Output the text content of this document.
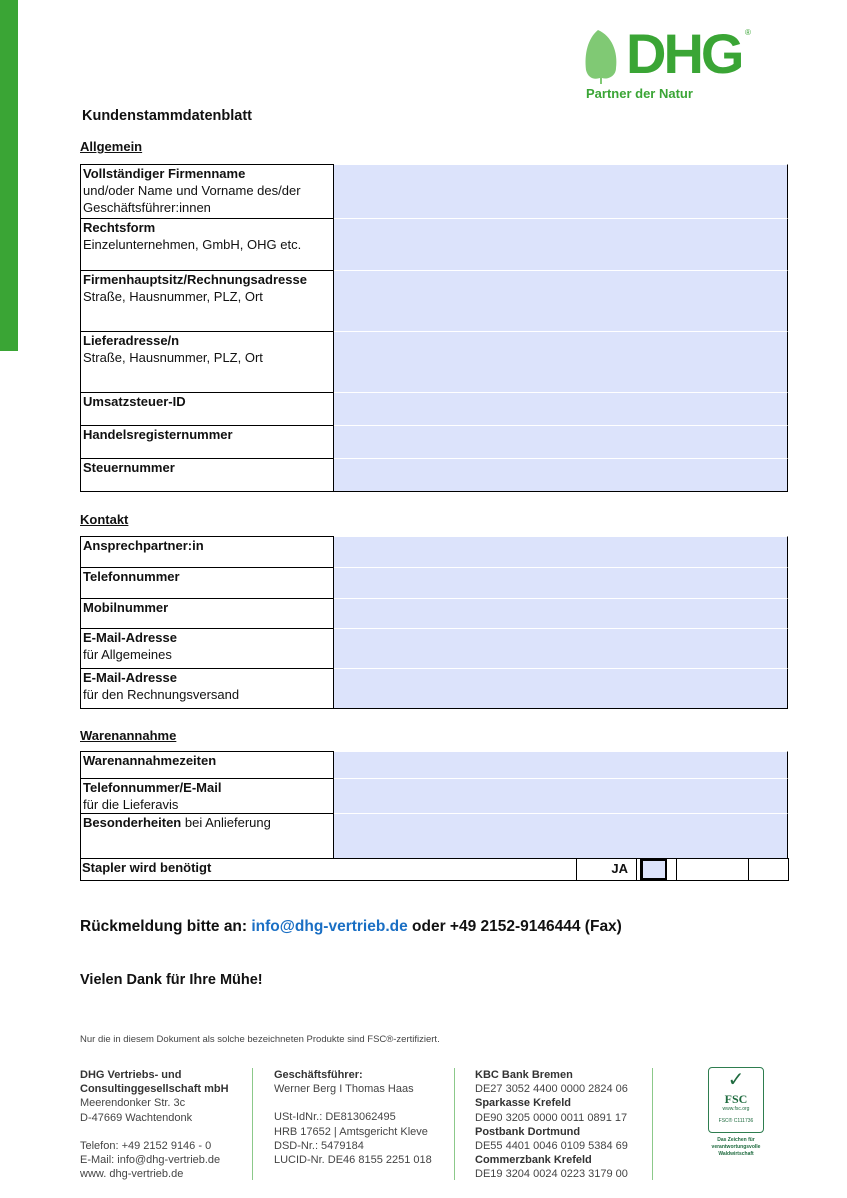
DHG ®
Partner der Natur
Kundenstammdatenblatt
Allgemein
Vollständiger Firmenname
und/oder Name und Vorname des/der Geschäftsführer:innen
Rechtsform
Einzelunternehmen, GmbH, OHG etc.
Firmenhauptsitz/Rechnungsadresse
Straße, Hausnummer, PLZ, Ort
Lieferadresse/n
Straße, Hausnummer, PLZ, Ort
Umsatzsteuer-ID
Handelsregisternummer
Steuernummer
Kontakt
Ansprechpartner:in
Telefonnummer
Mobilnummer
E-Mail-Adresse
für Allgemeines
E-Mail-Adresse
für den Rechnungsversand
Warenannahme
Warenannahmezeiten
Telefonnummer/E-Mail
für die Lieferavis
Besonderheiten bei Anlieferung
Stapler wird benötigt	JA
Rückmeldung bitte an: info@dhg-vertrieb.de oder +49 2152-9146444 (Fax)
Vielen Dank für Ihre Mühe!
Nur die in diesem Dokument als solche bezeichneten Produkte sind FSC®-zertifiziert.
DHG Vertriebs- und
Consultinggesellschaft mbH
Meerendonker Str. 3c
D-47669 Wachtendonk
Telefon: +49 2152 9146 - 0
E-Mail: info@dhg-vertrieb.de
www. dhg-vertrieb.de
Geschäftsführer:
Werner Berg I Thomas Haas
USt-IdNr.: DE813062495
HRB 17652 | Amtsgericht Kleve
DSD-Nr.: 5479184
LUCID-Nr. DE46 8155 2251 018
KBC Bank Bremen
DE27 3052 4400 0000 2824 06
Sparkasse Krefeld
DE90 3205 0000 0011 0891 17
Postbank Dortmund
DE55 4401 0046 0109 5384 69
Commerzbank Krefeld
DE19 3204 0024 0223 3179 00
✓
FSC
www.fsc.org
FSC® C111736
Das Zeichen für verantwortungsvolle Waldwirtschaft
